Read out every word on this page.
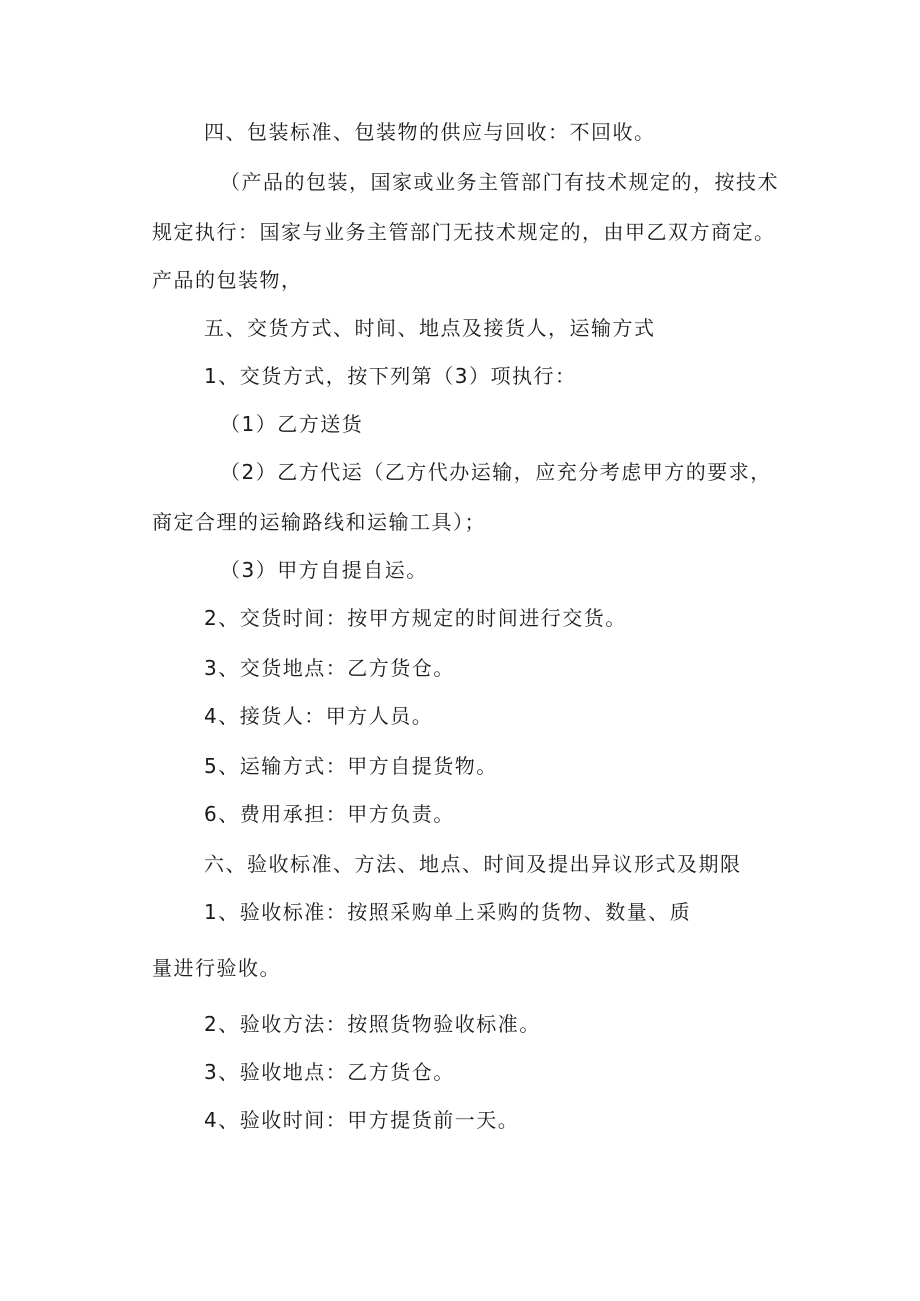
四、包装标准、包装物的供应与回收：不回收。

（产品的包装，国家或业务主管部门有技术规定的，按技术

规定执行：国家与业务主管部门无技术规定的，由甲乙双方商定。

产品的包装物，

五、交货方式、时间、地点及接货人，运输方式

1、交货方式，按下列第（3）项执行：

（1）乙方送货

（2）乙方代运（乙方代办运输，应充分考虑甲方的要求，

商定合理的运输路线和运输工具）；

（3）甲方自提自运。

2、交货时间：按甲方规定的时间进行交货。

3、交货地点：乙方货仓。

4、接货人：甲方人员。

5、运输方式：甲方自提货物。

6、费用承担：甲方负责。

六、验收标准、方法、地点、时间及提出异议形式及期限

1、验收标准：按照采购单上采购的货物、数量、质

量进行验收。

2、验收方法：按照货物验收标准。

3、验收地点：乙方货仓。

4、验收时间：甲方提货前一天。
